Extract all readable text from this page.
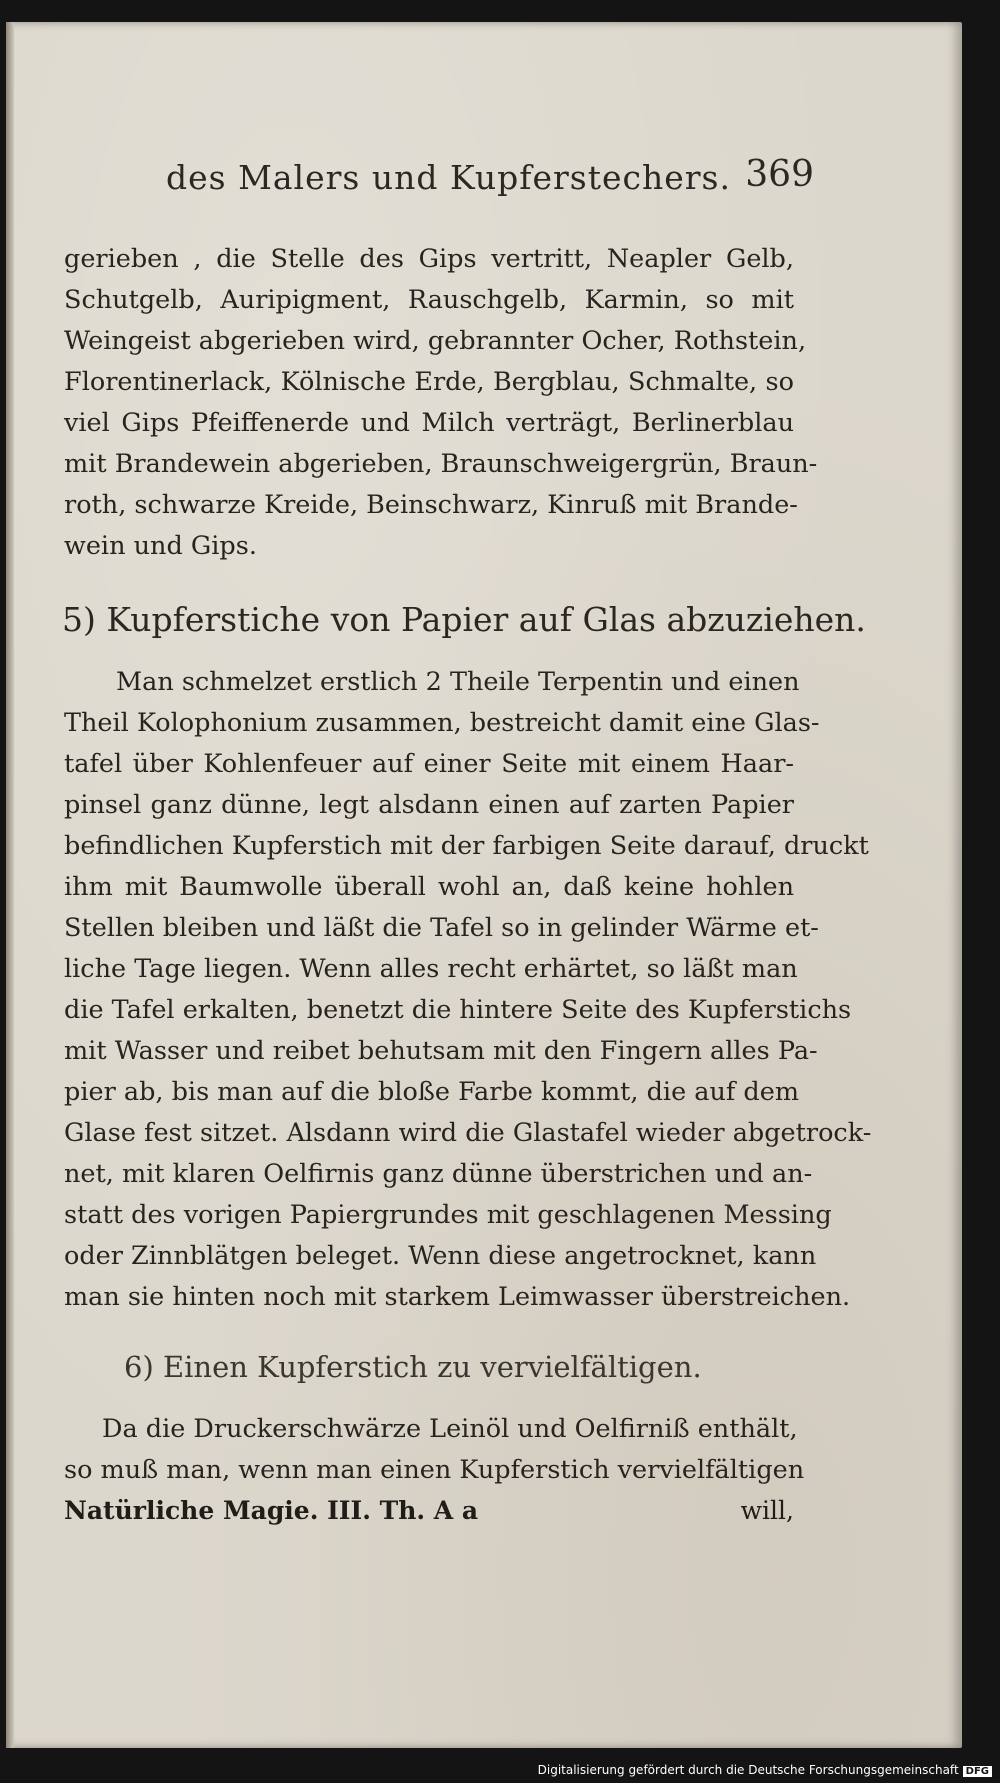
des Malers und Kupferstechers. 369
gerieben , die Stelle des Gips vertritt, Neapler Gelb,
Schutgelb, Auripigment, Rauschgelb, Karmin, so mit
Weingeist abgerieben wird, gebrannter Ocher, Rothstein,
Florentinerlack, Kölnische Erde, Bergblau, Schmalte, so
viel Gips Pfeiffenerde und Milch verträgt, Berlinerblau
mit Brandewein abgerieben, Braunschweigergrün, Braun-
roth, schwarze Kreide, Beinschwarz, Kinruß mit Brande-
wein und Gips.
5) Kupferstiche von Papier auf Glas abzuziehen.
Man schmelzet erstlich 2 Theile Terpentin und einen
Theil Kolophonium zusammen, bestreicht damit eine Glas-
tafel über Kohlenfeuer auf einer Seite mit einem Haar-
pinsel ganz dünne, legt alsdann einen auf zarten Papier
befindlichen Kupferstich mit der farbigen Seite darauf, druckt
ihm mit Baumwolle überall wohl an, daß keine hohlen
Stellen bleiben und läßt die Tafel so in gelinder Wärme et-
liche Tage liegen. Wenn alles recht erhärtet, so läßt man
die Tafel erkalten, benetzt die hintere Seite des Kupferstichs
mit Wasser und reibet behutsam mit den Fingern alles Pa-
pier ab, bis man auf die bloße Farbe kommt, die auf dem
Glase fest sitzet. Alsdann wird die Glastafel wieder abgetrock-
net, mit klaren Oelfirnis ganz dünne überstrichen und an-
statt des vorigen Papiergrundes mit geschlagenen Messing
oder Zinnblätgen beleget. Wenn diese angetrocknet, kann
man sie hinten noch mit starkem Leimwasser überstreichen.
6) Einen Kupferstich zu vervielfältigen.
Da die Druckerschwärze Leinöl und Oelfirniß enthält,
so muß man, wenn man einen Kupferstich vervielfältigen
Natürliche Magie. III. Th. A a	will,
Digitalisierung gefördert durch die Deutsche Forschungsgemeinschaft DFG
